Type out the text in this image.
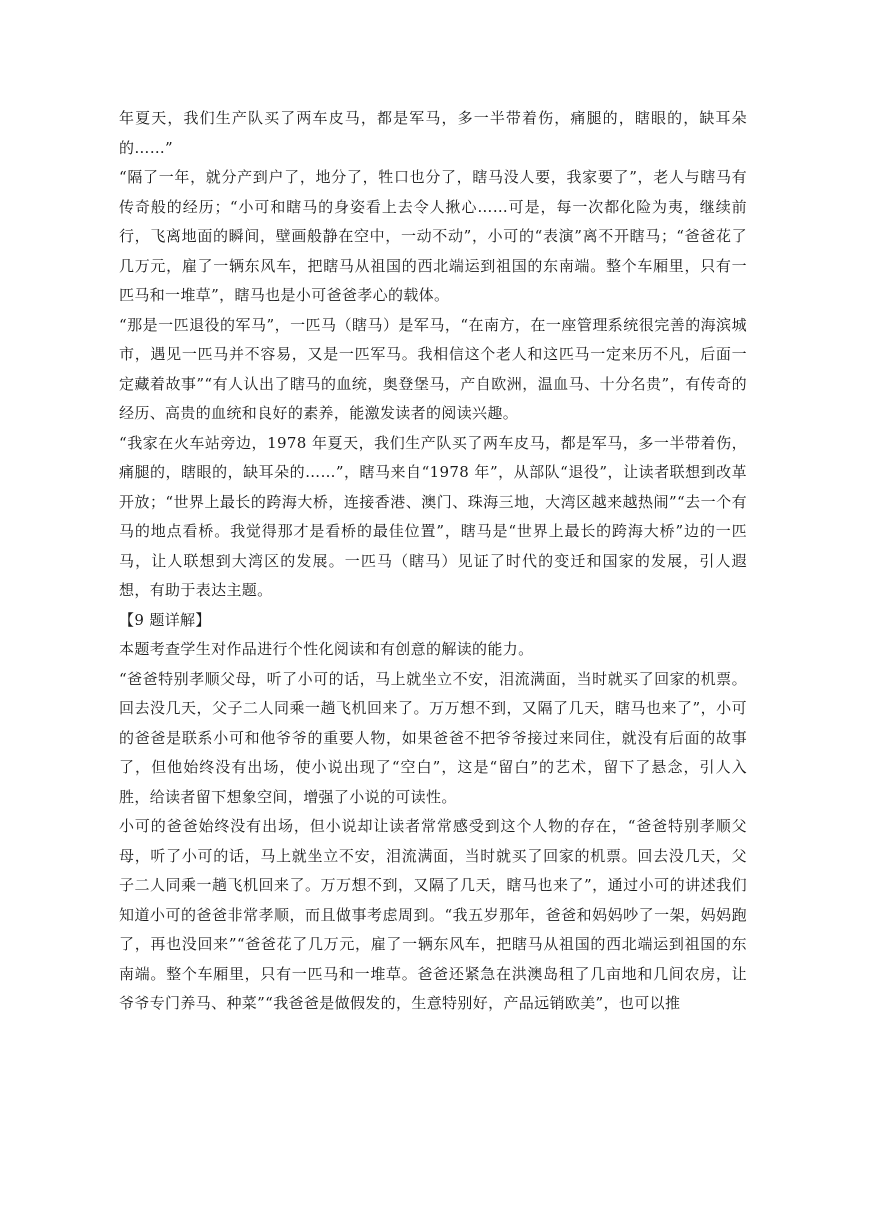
年夏天，我们生产队买了两车皮马，都是军马，多一半带着伤，痛腿的，瞎眼的，缺耳朵的……”

“隔了一年，就分产到户了，地分了，牲口也分了，瞎马没人要，我家要了”，老人与瞎马有传奇般的经历；“小可和瞎马的身姿看上去令人揪心……可是，每一次都化险为夷，继续前行，飞离地面的瞬间，壁画般静在空中，一动不动”，小可的“表演”离不开瞎马；“爸爸花了几万元，雇了一辆东风车，把瞎马从祖国的西北端运到祖国的东南端。整个车厢里，只有一匹马和一堆草”，瞎马也是小可爸爸孝心的载体。

“那是一匹退役的军马”，一匹马（瞎马）是军马，“在南方，在一座管理系统很完善的海滨城市，遇见一匹马并不容易，又是一匹军马。我相信这个老人和这匹马一定来历不凡，后面一定藏着故事”“有人认出了瞎马的血统，奥登堡马，产自欧洲，温血马、十分名贵”，有传奇的经历、高贵的血统和良好的素养，能激发读者的阅读兴趣。

“我家在火车站旁边，1978 年夏天，我们生产队买了两车皮马，都是军马，多一半带着伤，痛腿的，瞎眼的，缺耳朵的……”，瞎马来自“1978 年”，从部队“退役”，让读者联想到改革开放；“世界上最长的跨海大桥，连接香港、澳门、珠海三地，大湾区越来越热闹”“去一个有马的地点看桥。我觉得那才是看桥的最佳位置”，瞎马是“世界上最长的跨海大桥”边的一匹马，让人联想到大湾区的发展。一匹马（瞎马）见证了时代的变迁和国家的发展，引人遐想，有助于表达主题。

【9 题详解】

本题考查学生对作品进行个性化阅读和有创意的解读的能力。

“爸爸特别孝顺父母，听了小可的话，马上就坐立不安，泪流满面，当时就买了回家的机票。回去没几天，父子二人同乘一趟飞机回来了。万万想不到，又隔了几天，瞎马也来了”，小可的爸爸是联系小可和他爷爷的重要人物，如果爸爸不把爷爷接过来同住，就没有后面的故事了，但他始终没有出场，使小说出现了“空白”，这是“留白”的艺术，留下了悬念，引人入胜，给读者留下想象空间，增强了小说的可读性。

小可的爸爸始终没有出场，但小说却让读者常常感受到这个人物的存在，“爸爸特别孝顺父母，听了小可的话，马上就坐立不安，泪流满面，当时就买了回家的机票。回去没几天，父子二人同乘一趟飞机回来了。万万想不到，又隔了几天，瞎马也来了”，通过小可的讲述我们知道小可的爸爸非常孝顺，而且做事考虑周到。“我五岁那年，爸爸和妈妈吵了一架，妈妈跑了，再也没回来”“爸爸花了几万元，雇了一辆东风车，把瞎马从祖国的西北端运到祖国的东南端。整个车厢里，只有一匹马和一堆草。爸爸还紧急在洪澳岛租了几亩地和几间农房，让爷爷专门养马、种菜”“我爸爸是做假发的，生意特别好，产品远销欧美”，也可以推
